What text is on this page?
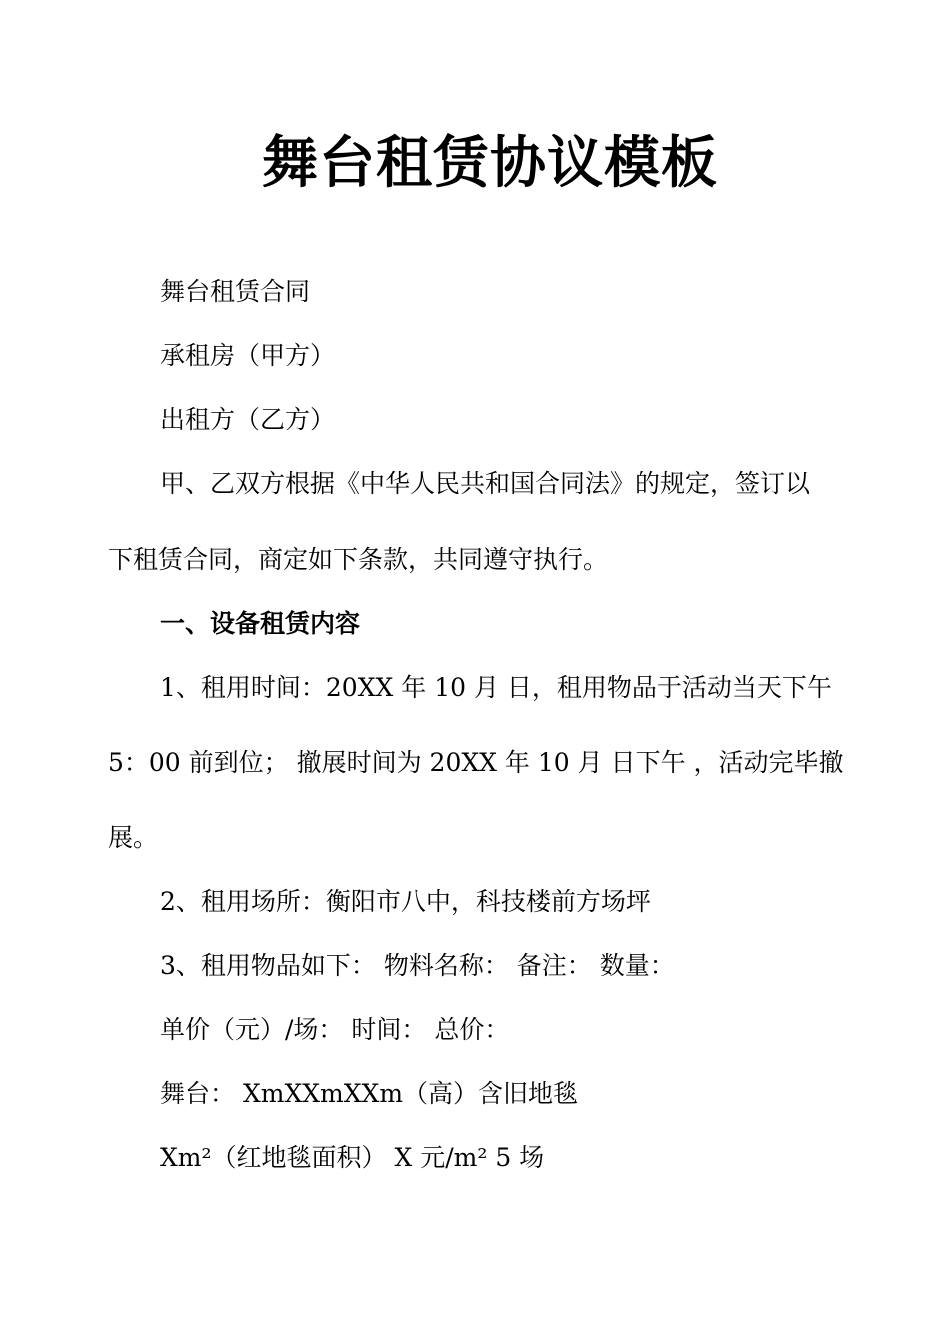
舞台租赁协议模板
舞台租赁合同
承租房（甲方）
出租方（乙方）
甲、乙双方根据《中华人民共和国合同法》的规定，签订以
下租赁合同，商定如下条款，共同遵守执行。
一、设备租赁内容
1、租用时间：20XX 年 10 月 日，租用物品于活动当天下午
5：00 前到位； 撤展时间为 20XX 年 10 月 日下午 ，活动完毕撤
展。
2、租用场所：衡阳市八中，科技楼前方场坪
3、租用物品如下： 物料名称： 备注： 数量：
单价（元）/场： 时间： 总价：
舞台： XmXXmXXm（高）含旧地毯
Xm²（红地毯面积） X 元/m² 5 场
